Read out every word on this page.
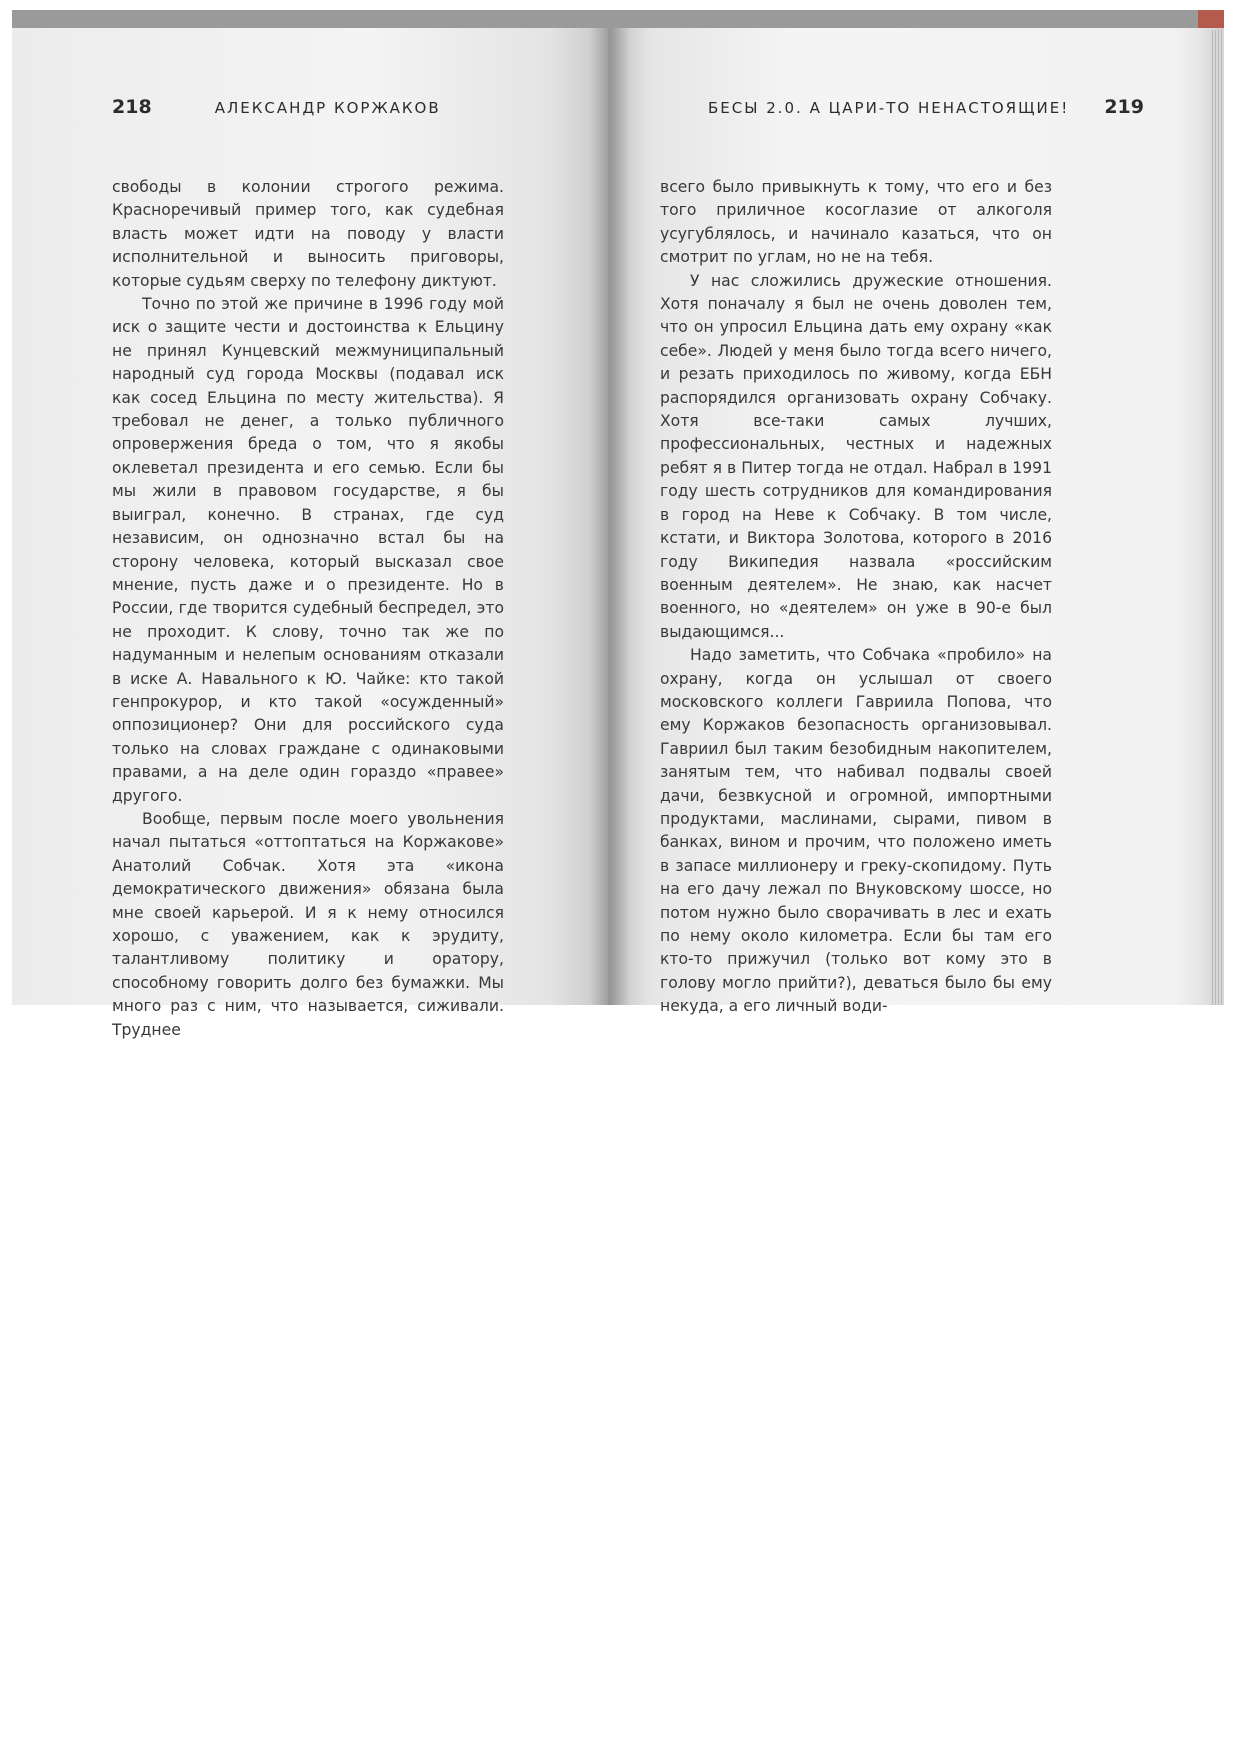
218	АЛЕКСАНДР КОРЖАКОВ

свободы в колонии строгого режима. Красноречивый пример того, как судебная власть может идти на поводу у власти исполнительной и выносить приговоры, которые судьям сверху по телефону диктуют.

Точно по этой же причине в 1996 году мой иск о защите чести и достоинства к Ельцину не принял Кунцевский межмуниципальный народный суд города Москвы (подавал иск как сосед Ельцина по месту жительства). Я требовал не денег, а только публичного опровержения бреда о том, что я якобы оклеветал президента и его семью. Если бы мы жили в правовом государстве, я бы выиграл, конечно. В странах, где суд независим, он однозначно встал бы на сторону человека, который высказал свое мнение, пусть даже и о президенте. Но в России, где творится судебный беспредел, это не проходит. К слову, точно так же по надуманным и нелепым основаниям отказали в иске А. Навального к Ю. Чайке: кто такой генпрокурор, и кто такой «осужденный» оппозиционер? Они для российского суда только на словах граждане с одинаковыми правами, а на деле один гораздо «правее» другого.

Вообще, первым после моего увольнения начал пытаться «оттоптаться на Коржакове» Анатолий Собчак. Хотя эта «икона демократического движения» обязана была мне своей карьерой. И я к нему относился хорошо, с уважением, как к эрудиту, талантливому политику и оратору, способному говорить долго без бумажки. Мы много раз с ним, что называется, сиживали. Труднее

БЕСЫ 2.0. А ЦАРИ-ТО НЕНАСТОЯЩИЕ! 219

всего было привыкнуть к тому, что его и без того приличное косоглазие от алкоголя усугублялось, и начинало казаться, что он смотрит по углам, но не на тебя.

У нас сложились дружеские отношения. Хотя поначалу я был не очень доволен тем, что он упросил Ельцина дать ему охрану «как себе». Людей у меня было тогда всего ничего, и резать приходилось по живому, когда ЕБН распорядился организовать охрану Собчаку. Хотя все-таки самых лучших, профессиональных, честных и надежных ребят я в Питер тогда не отдал. Набрал в 1991 году шесть сотрудников для командирования в город на Неве к Собчаку. В том числе, кстати, и Виктора Золотова, которого в 2016 году Википедия назвала «российским военным деятелем». Не знаю, как насчет военного, но «деятелем» он уже в 90-е был выдающимся...

Надо заметить, что Собчака «пробило» на охрану, когда он услышал от своего московского коллеги Гавриила Попова, что ему Коржаков безопасность организовывал. Гавриил был таким безобидным накопителем, занятым тем, что набивал подвалы своей дачи, безвкусной и огромной, импортными продуктами, маслинами, сырами, пивом в банках, вином и прочим, что положено иметь в запасе миллионеру и греку-скопидому. Путь на его дачу лежал по Внуковскому шоссе, но потом нужно было сворачивать в лес и ехать по нему около километра. Если бы там его кто-то прижучил (только вот кому это в голову могло прийти?), деваться было бы ему некуда, а его личный води-
